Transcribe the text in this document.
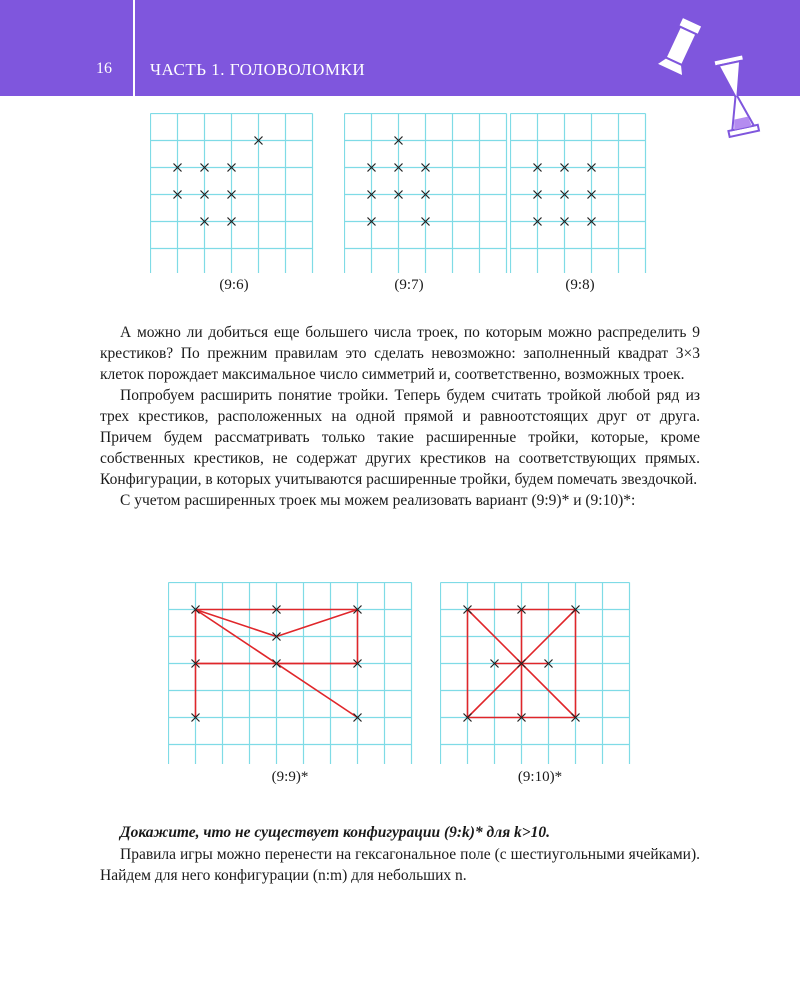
16 ЧАСТЬ 1. ГОЛОВОЛОМКИ
(9:6)	(9:7)	(9:8)

А можно ли добиться еще большего числа троек, по которым можно распределить 9 крестиков? По прежним правилам это сделать невозможно: заполненный квадрат 3×3 клеток порождает максимальное число симметрий и, соответственно, возможных троек.

Попробуем расширить понятие тройки. Теперь будем считать тройкой любой ряд из трех крестиков, расположенных на одной прямой и равноотстоящих друг от друга. Причем будем рассматривать только такие расширенные тройки, которые, кроме собственных крестиков, не содержат других крестиков на соответствующих прямых. Конфигурации, в которых учитываются расширенные тройки, будем помечать звездочкой.

С учетом расширенных троек мы можем реализовать вариант (9:9)* и (9:10)*:

(9:9)*	(9:10)*
Докажите, что не существует конфигурации (9:k)* для k>10.

Правила игры можно перенести на гексагональное поле (с шестиугольными ячейками). Найдем для него конфигурации (n:m) для небольших n.
